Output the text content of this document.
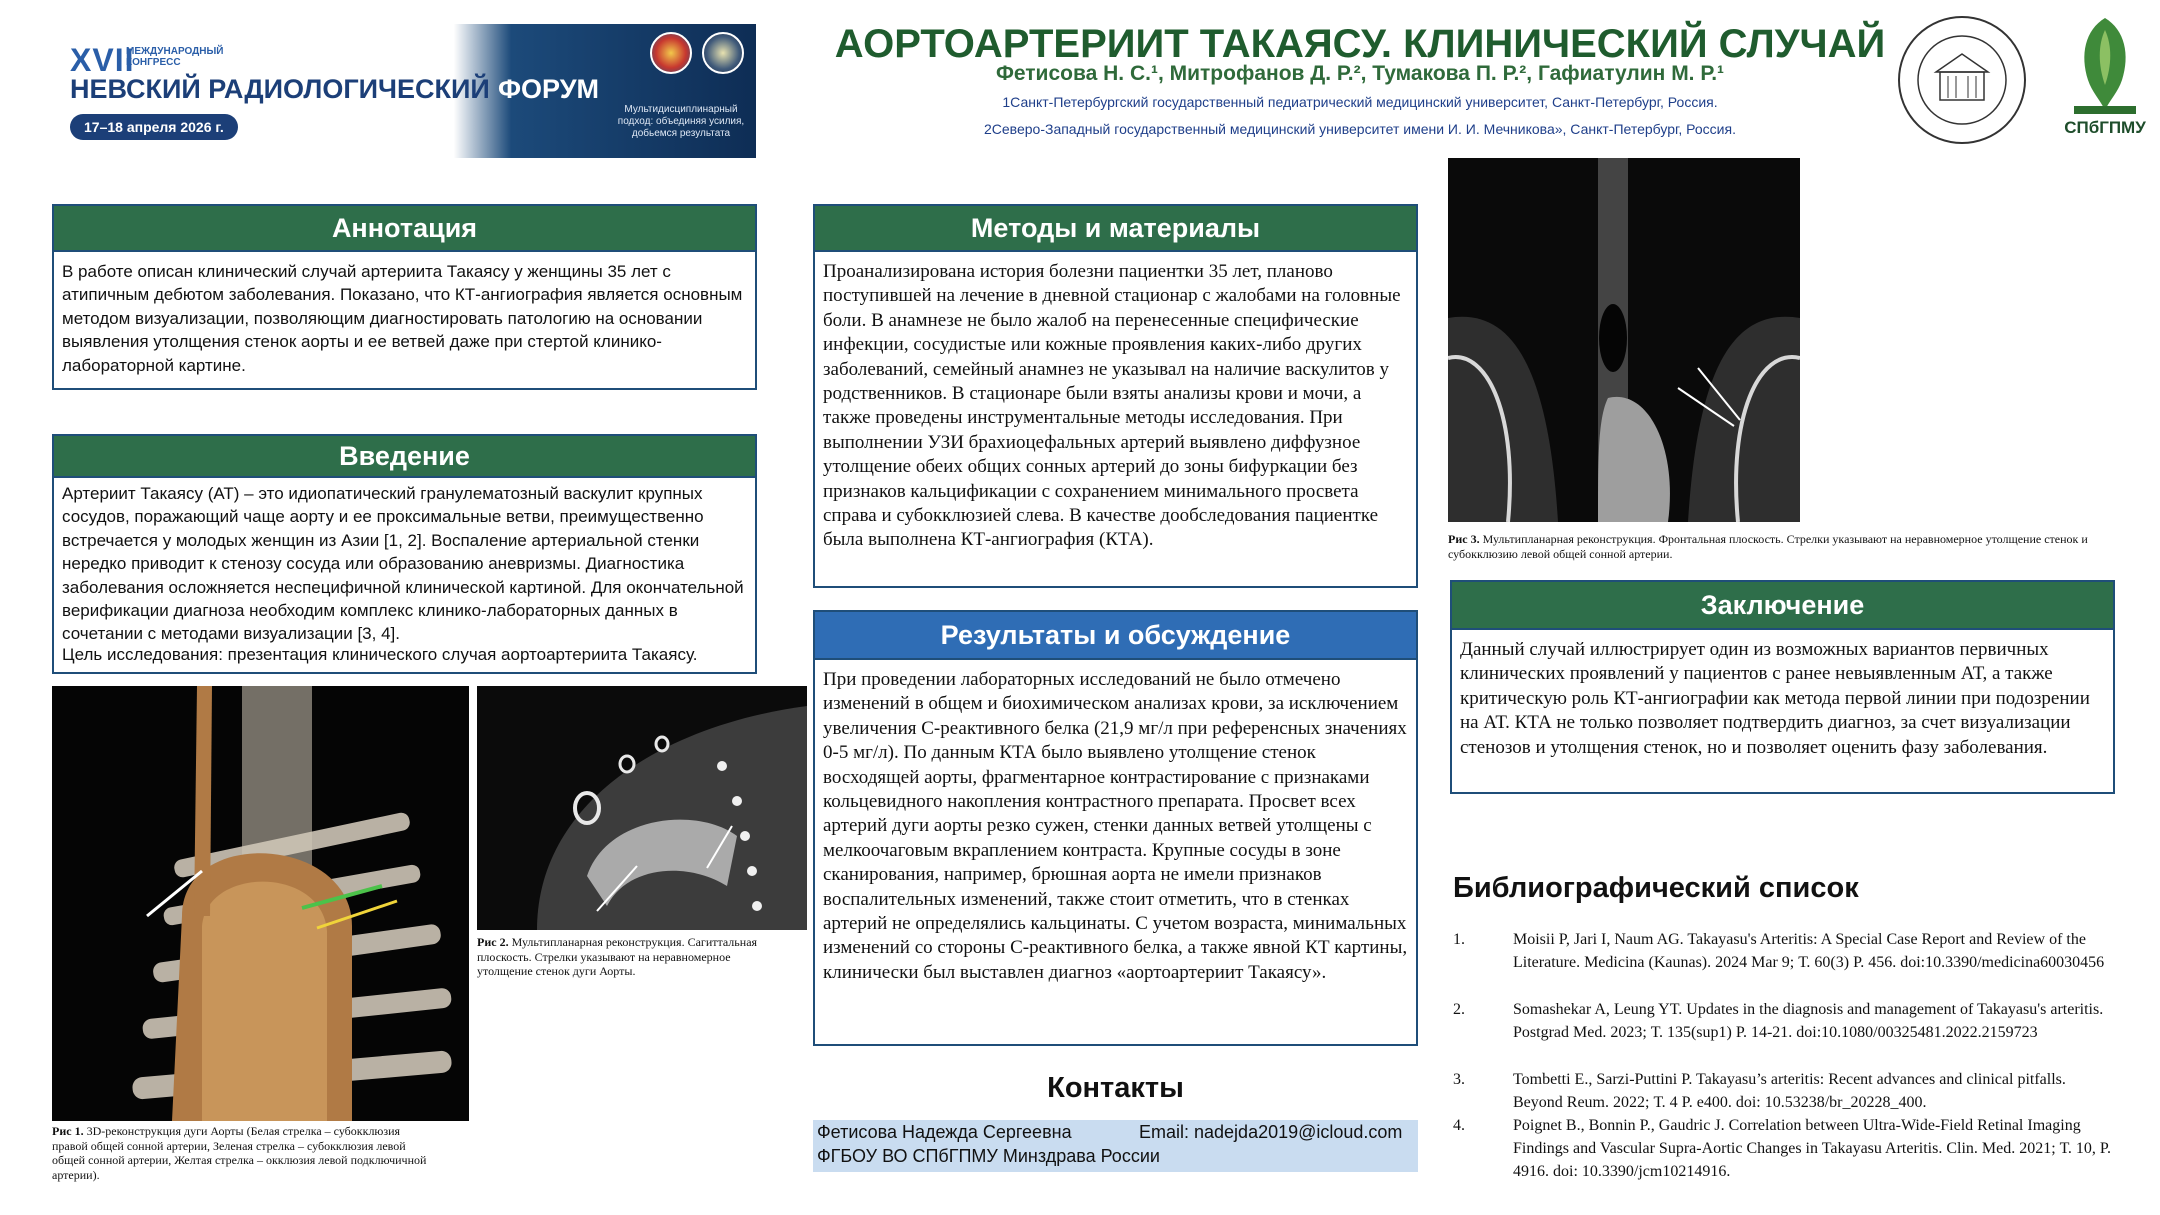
XVII
МЕЖДУНАРОДНЫЙ КОНГРЕСС
НЕВСКИЙ РАДИОЛОГИЧЕСКИЙ ФОРУМ
17–18 апреля 2026 г.
Мультидисциплинарный подход: объединяя усилия, добьемся результата
АОРТОАРТЕРИИТ ТАКАЯСУ. КЛИНИЧЕСКИЙ СЛУЧАЙ
Фетисова Н. С.¹, Митрофанов Д. Р.², Тумакова П. Р.², Гафиатулин М. Р.¹
1Санкт-Петербургский государственный педиатрический медицинский университет, Санкт-Петербург, Россия.
2Северо-Западный государственный медицинский университет имени И. И. Мечникова», Санкт-Петербург, Россия.	СПбГПМУ
Аннотация
В работе описан клинический случай артериита Такаясу у женщины 35 лет с атипичным дебютом заболевания. Показано, что КТ-ангиография является основным методом визуализации, позволяющим диагностировать патологию на основании выявления утолщения стенок аорты и ее ветвей даже при стертой клинико-лабораторной картине.
Введение
Артериит Такаясу (АТ) – это идиопатический гранулематозный васкулит крупных сосудов, поражающий чаще аорту и ее проксимальные ветви, преимущественно встречается у молодых женщин из Азии [1, 2]. Воспаление артериальной стенки нередко приводит к стенозу сосуда или образованию аневризмы. Диагностика заболевания осложняется неспецифичной клинической картиной. Для окончательной верификации диагноза необходим комплекс клинико-лабораторных данных в сочетании с методами визуализации [3, 4].
Цель исследования: презентация клинического случая аортоартериита Такаясу.
Рис 1. 3D-реконструкция дуги Аорты (Белая стрелка – субокклюзия правой общей сонной артерии, Зеленая стрелка – субокклюзия левой общей сонной артерии, Желтая стрелка – окклюзия левой подключичной артерии).
Рис 2. Мультипланарная реконструкция. Сагиттальная плоскость. Стрелки указывают на неравномерное утолщение стенок дуги Аорты.
Методы и материалы
Проанализирована история болезни пациентки 35 лет, планово поступившей на лечение в дневной стационар с жалобами на головные боли. В анамнезе не было жалоб на перенесенные специфические инфекции, сосудистые или кожные проявления каких-либо других заболеваний, семейный анамнез не указывал на наличие васкулитов у родственников. В стационаре были взяты анализы крови и мочи, а также проведены инструментальные методы исследования. При выполнении УЗИ брахиоцефальных артерий выявлено диффузное утолщение обеих общих сонных артерий до зоны бифуркации без признаков кальцификации с сохранением минимального просвета справа и субокклюзией слева. В качестве дообследования пациентке была выполнена КТ-ангиография (КТА).
Результаты и обсуждение
При проведении лабораторных исследований не было отмечено изменений в общем и биохимическом анализах крови, за исключением увеличения С-реактивного белка (21,9 мг/л при референсных значениях 0-5 мг/л). По данным КТА было выявлено утолщение стенок восходящей аорты, фрагментарное контрастирование с признаками кольцевидного накопления контрастного препарата. Просвет всех артерий дуги аорты резко сужен, стенки данных ветвей утолщены с мелкоочаговым вкраплением контраста. Крупные сосуды в зоне сканирования, например, брюшная аорта не имели признаков воспалительных изменений, также стоит отметить, что в стенках артерий не определялись кальцинаты. С учетом возраста, минимальных изменений со стороны С-реактивного белка, а также явной КТ картины, клинически был выставлен диагноз «аортоартериит Такаясу».
Контакты
Фетисова Надежда Сергеевна	Email: nadejda2019@icloud.com
ФГБОУ ВО СПбГПМУ Минздрава России
Рис 3. Мультипланарная реконструкция. Фронтальная плоскость. Стрелки указывают на неравномерное утолщение стенок и субокклюзию левой общей сонной артерии.
Заключение
Данный случай иллюстрирует один из возможных вариантов первичных клинических проявлений у пациентов с ранее невыявленным АТ, а также критическую роль КТ-ангиографии как метода первой линии при подозрении на АТ. КТА не только позволяет подтвердить диагноз, за счет визуализации стенозов и утолщения стенок, но и позволяет оценить фазу заболевания.
Библиографический список
1.	Moisii P, Jari I, Naum AG. Takayasu's Arteritis: A Special Case Report and Review of the Literature. Medicina (Kaunas). 2024 Mar 9; Т. 60(3) P. 456. doi:10.3390/medicina60030456
2.	Somashekar A, Leung YT. Updates in the diagnosis and management of Takayasu's arteritis. Postgrad Med. 2023; Т. 135(sup1) P. 14-21. doi:10.1080/00325481.2022.2159723
3.	Tombetti E., Sarzi-Puttini P. Takayasu’s arteritis: Recent advances and clinical pitfalls. Beyond Reum. 2022; Т. 4 P. e400. doi: 10.53238/br_20228_400.
4.	Poignet B., Bonnin P., Gaudric J. Correlation between Ultra-Wide-Field Retinal Imaging Findings and Vascular Supra-Aortic Changes in Takayasu Arteritis. Clin. Med. 2021; Т. 10, P. 4916. doi: 10.3390/jcm10214916.
